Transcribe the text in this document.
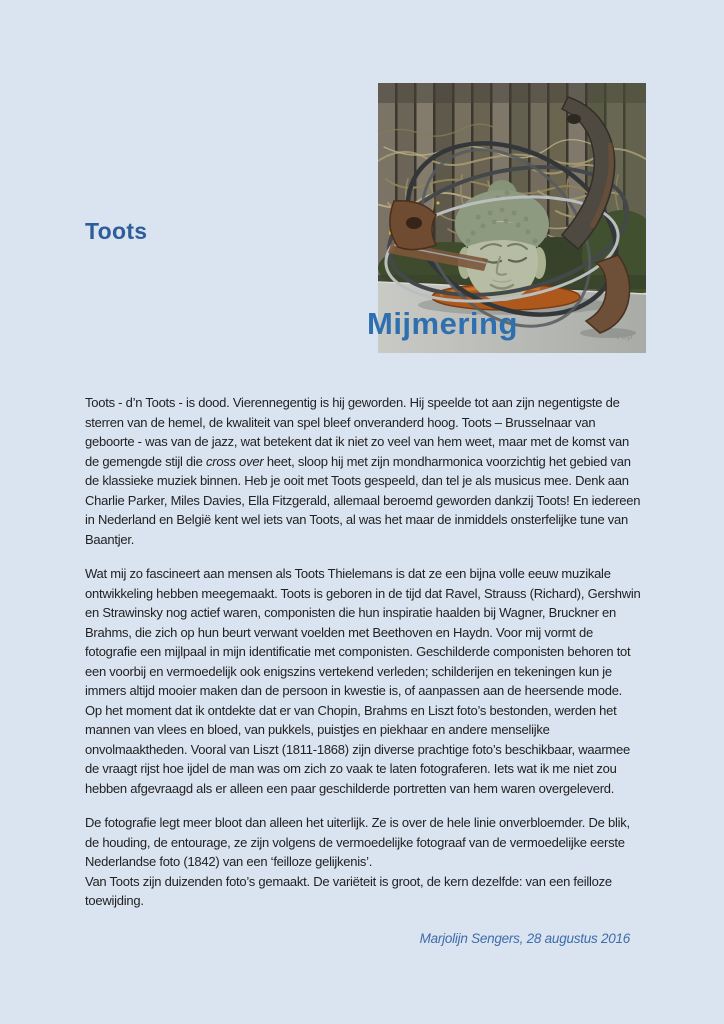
Toots
vdp
Mijmering

Toots - d’n Toots - is dood. Vierennegentig is hij geworden. Hij speelde tot aan zijn negentigste de sterren van de hemel, de kwaliteit van spel bleef onveranderd hoog. Toots – Brusselnaar van geboorte - was van de jazz, wat betekent dat ik niet zo veel van hem weet, maar met de komst van de gemengde stijl die cross over heet, sloop hij met zijn mondharmonica voorzichtig het gebied van de klassieke muziek binnen. Heb je ooit met Toots gespeeld, dan tel je als musicus mee. Denk aan Charlie Parker, Miles Davies, Ella Fitzgerald, allemaal beroemd geworden dankzij Toots! En iedereen in Nederland en België kent wel iets van Toots, al was het maar de inmiddels onsterfelijke tune van Baantjer.

Wat mij zo fascineert aan mensen als Toots Thielemans is dat ze een bijna volle eeuw muzikale ontwikkeling hebben meegemaakt. Toots is geboren in de tijd dat Ravel, Strauss (Richard), Gershwin en Strawinsky nog actief waren, componisten die hun inspiratie haalden bij Wagner, Bruckner en Brahms, die zich op hun beurt verwant voelden met Beethoven en Haydn. Voor mij vormt de fotografie een mijlpaal in mijn identificatie met componisten. Geschilderde componisten behoren tot een voorbij en vermoedelijk ook enigszins vertekend verleden; schilderijen en tekeningen kun je immers altijd mooier maken dan de persoon in kwestie is, of aanpassen aan de heersende mode. Op het moment dat ik ontdekte dat er van Chopin, Brahms en Liszt foto’s bestonden, werden het mannen van vlees en bloed, van pukkels, puistjes en piekhaar en andere menselijke onvolmaaktheden. Vooral van Liszt (1811-1868) zijn diverse prachtige foto’s beschikbaar, waarmee de vraagt rijst hoe ijdel de man was om zich zo vaak te laten fotograferen. Iets wat ik me niet zou hebben afgevraagd als er alleen een paar geschilderde portretten van hem waren overgeleverd.

De fotografie legt meer bloot dan alleen het uiterlijk. Ze is over de hele linie onverbloemder. De blik, de houding, de entourage, ze zijn volgens de vermoedelijke fotograaf van de vermoedelijke eerste Nederlandse foto (1842) van een ‘feilloze gelijkenis’.

Van Toots zijn duizenden foto’s gemaakt. De variëteit is groot, de kern dezelfde: van een feilloze toewijding.

Marjolijn Sengers, 28 augustus 2016
